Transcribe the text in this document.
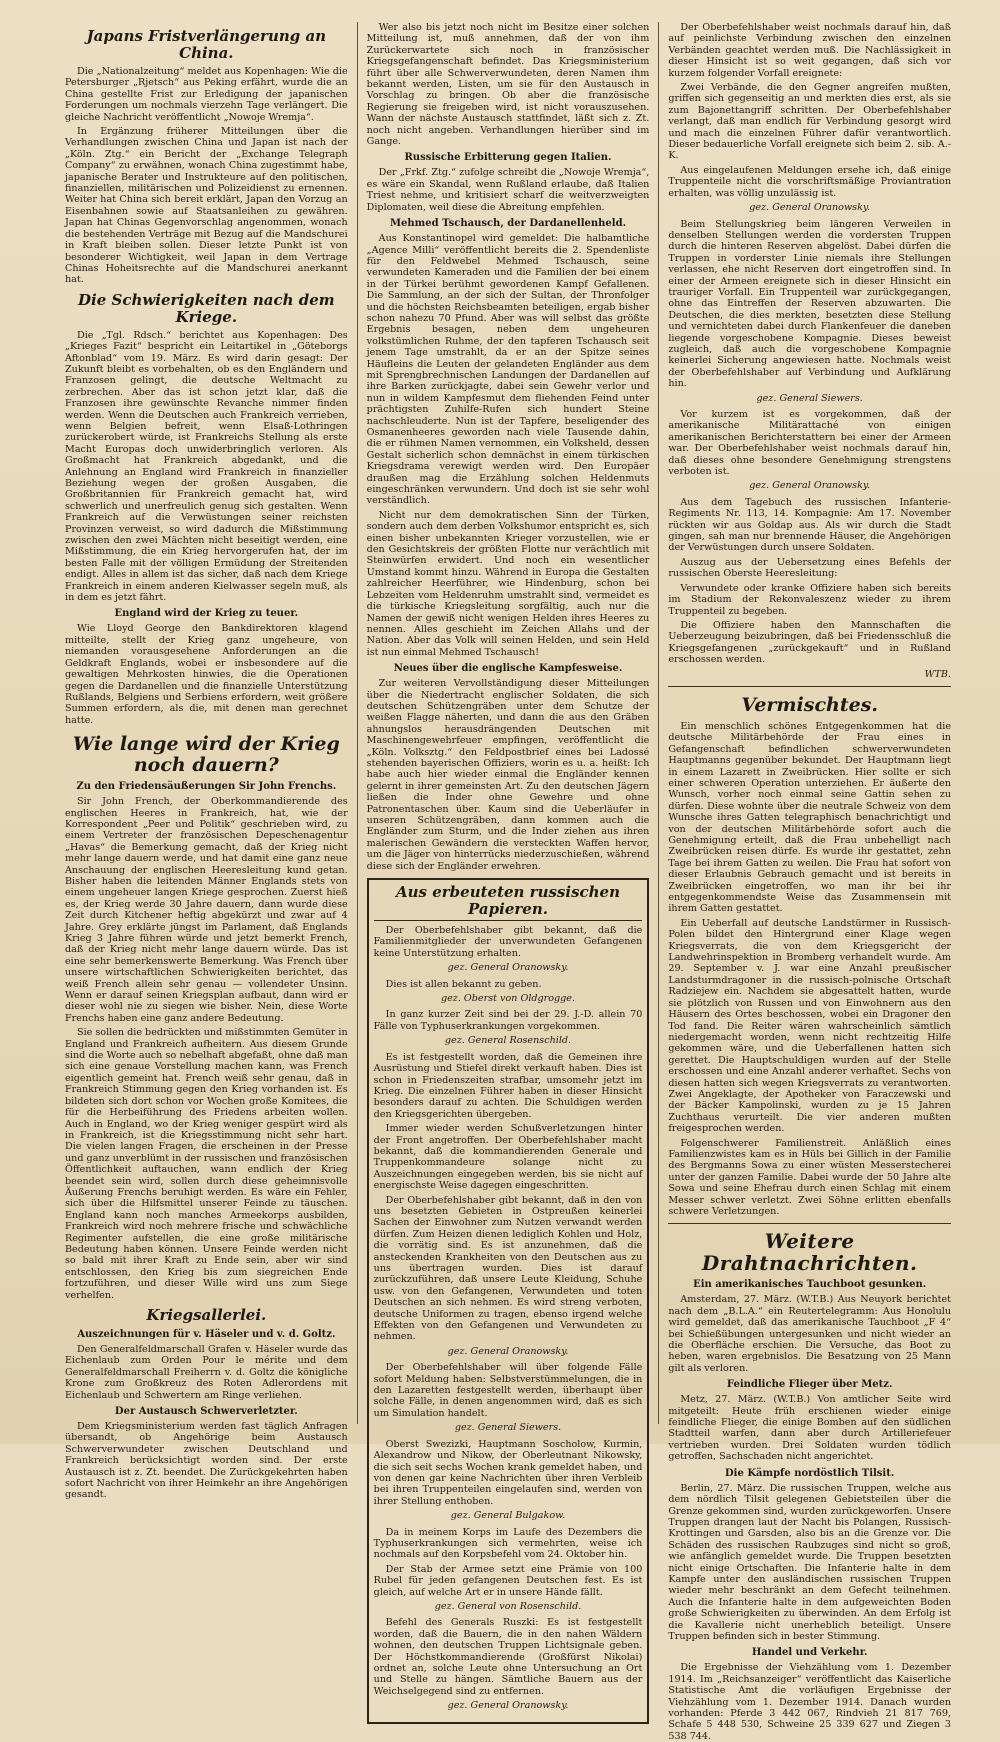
Japans Fristverlängerung an China.

Die „Nationalzeitung“ meldet aus Kopenhagen: Wie die Petersburger „Rjetsch“ aus Peking erfährt, wurde die an China gestellte Frist zur Erledigung der japanischen Forderungen um nochmals vierzehn Tage verlängert. Die gleiche Nachricht veröffentlicht „Nowoje Wremja“.

In Ergänzung früherer Mitteilungen über die Verhandlungen zwischen China und Japan ist nach der „Köln. Ztg.“ ein Bericht der „Exchange Telegraph Company“ zu erwähnen, wonach China zugestimmt habe, japanische Berater und Instrukteure auf den politischen, finanziellen, militärischen und Polizeidienst zu ernennen. Weiter hat China sich bereit erklärt, Japan den Vorzug an Eisenbahnen sowie auf Staatsanleihen zu gewähren. Japan hat Chinas Gegenvorschlag angenommen, wonach die bestehenden Verträge mit Bezug auf die Mandschurei in Kraft bleiben sollen. Dieser letzte Punkt ist von besonderer Wichtigkeit, weil Japan in dem Vertrage Chinas Hoheitsrechte auf die Mandschurei anerkannt hat.

Die Schwierigkeiten nach dem Kriege.

Die „Tgl. Rdsch.“ berichtet aus Kopenhagen: Des „Krieges Fazit“ bespricht ein Leitartikel in „Göteborgs Aftonblad“ vom 19. März. Es wird darin gesagt: Der Zukunft bleibt es vorbehalten, ob es den Engländern und Franzosen gelingt, die deutsche Weltmacht zu zerbrechen. Aber das ist schon jetzt klar, daß die Franzosen ihre gewünschte Revanche nimmer finden werden. Wenn die Deutschen auch Frankreich verrieben, wenn Belgien befreit, wenn Elsaß-Lothringen zurückerobert würde, ist Frankreichs Stellung als erste Macht Europas doch unwiderbringlich verloren. Als Großmacht hat Frankreich abgedankt, und die Anlehnung an England wird Frankreich in finanzieller Beziehung wegen der großen Ausgaben, die Großbritannien für Frankreich gemacht hat, wird schwerlich und unerfreulich genug sich gestalten. Wenn Frankreich auf die Verwüstungen seiner reichsten Provinzen verweist, so wird dadurch die Mißstimmung zwischen den zwei Mächten nicht beseitigt werden, eine Mißstimmung, die ein Krieg hervorgerufen hat, der im besten Falle mit der völligen Ermüdung der Streitenden endigt. Alles in allem ist das sicher, daß nach dem Kriege Frankreich in einem anderen Kielwasser segeln muß, als in dem es jetzt fährt.

England wird der Krieg zu teuer.

Wie Lloyd George den Bankdirektoren klagend mitteilte, stellt der Krieg ganz ungeheure, von niemanden vorausgesehene Anforderungen an die Geldkraft Englands, wobei er insbesondere auf die gewaltigen Mehrkosten hinwies, die die Operationen gegen die Dardanellen und die finanzielle Unterstützung Rußlands, Belgiens und Serbiens erfordern, weit größere Summen erfordern, als die, mit denen man gerechnet hatte.

Wie lange wird der Krieg noch dauern?
Zu den Friedensäußerungen Sir John Frenchs.

Sir John French, der Oberkommandierende des englischen Heeres in Frankreich, hat, wie der Korrespondent „Peer und Politik“ geschrieben wird, zu einem Vertreter der französischen Depeschenagentur „Havas“ die Bemerkung gemacht, daß der Krieg nicht mehr lange dauern werde, und hat damit eine ganz neue Anschauung der englischen Heeresleitung kund getan. Bisher haben die leitenden Männer Englands stets von einem ungeheuer langen Kriege gesprochen. Zuerst hieß es, der Krieg werde 30 Jahre dauern, dann wurde diese Zeit durch Kitchener heftig abgekürzt und zwar auf 4 Jahre. Grey erklärte jüngst im Parlament, daß Englands Krieg 3 Jahre führen würde und jetzt bemerkt French, daß der Krieg nicht mehr lange dauern würde. Das ist eine sehr bemerkenswerte Bemerkung. Was French über unsere wirtschaftlichen Schwierigkeiten berichtet, das weiß French allein sehr genau — vollendeter Unsinn. Wenn er darauf seinen Kriegsplan aufbaut, dann wird er dieser wohl nie zu siegen wie bisher. Nein, diese Worte Frenchs haben eine ganz andere Bedeutung.

Sie sollen die bedrückten und mißstimmten Gemüter in England und Frankreich aufheitern. Aus diesem Grunde sind die Worte auch so nebelhaft abgefaßt, ohne daß man sich eine genaue Vorstellung machen kann, was French eigentlich gemeint hat. French weiß sehr genau, daß in Frankreich Stimmung gegen den Krieg vorhanden ist. Es bildeten sich dort schon vor Wochen große Komitees, die für die Herbeiführung des Friedens arbeiten wollen. Auch in England, wo der Krieg weniger gespürt wird als in Frankreich, ist die Kriegsstimmung nicht sehr hart. Die vielen langen Fragen, die erscheinen in der Presse und ganz unverblümt in der russischen und französischen Öffentlichkeit auftauchen, wann endlich der Krieg beendet sein wird, sollen durch diese geheimnisvolle Äußerung Frenchs beruhigt werden. Es wäre ein Fehler, sich über die Hilfsmittel unserer Feinde zu täuschen. England kann noch manches Armeekorps ausbilden, Frankreich wird noch mehrere frische und schwächliche Regimenter aufstellen, die eine große militärische Bedeutung haben können. Unsere Feinde werden nicht so bald mit ihrer Kraft zu Ende sein, aber wir sind entschlossen, den Krieg bis zum siegreichen Ende fortzuführen, und dieser Wille wird uns zum Siege verhelfen.

Kriegsallerlei.
Auszeichnungen für v. Häseler und v. d. Goltz.

Den Generalfeldmarschall Grafen v. Häseler wurde das Eichenlaub zum Orden Pour le mérite und dem Generalfeldmarschall Freiherrn v. d. Goltz die königliche Krone zum Großkreuz des Roten Adlerordens mit Eichenlaub und Schwertern am Ringe verliehen.

Der Austausch Schwerverletzter.

Dem Kriegsministerium werden fast täglich Anfragen übersandt, ob Angehörige beim Austausch Schwerverwundeter zwischen Deutschland und Frankreich berücksichtigt worden sind. Der erste Austausch ist z. Zt. beendet. Die Zurückgekehrten haben sofort Nachricht von ihrer Heimkehr an ihre Angehörigen gesandt.

Wer also bis jetzt noch nicht im Besitze einer solchen Mitteilung ist, muß annehmen, daß der von ihm Zurückerwartete sich noch in französischer Kriegsgefangenschaft befindet. Das Kriegsministerium führt über alle Schwerverwundeten, deren Namen ihm bekannt werden, Listen, um sie für den Austausch in Vorschlag zu bringen. Ob aber die französische Regierung sie freigeben wird, ist nicht vorauszusehen. Wann der nächste Austausch stattfindet, läßt sich z. Zt. noch nicht angeben. Verhandlungen hierüber sind im Gange.

Russische Erbitterung gegen Italien.

Der „Frkf. Ztg.“ zufolge schreibt die „Nowoje Wremja“, es wäre ein Skandal, wenn Rußland erlaube, daß Italien Triest nehme, und kritisiert scharf die weitverzweigten Diplomaten, weil diese die Abreitung empfehlen.

Mehmed Tschausch, der Dardanellenheld.

Aus Konstantinopel wird gemeldet: Die halbamtliche „Agence Milli“ veröffentlicht bereits die 2. Spendenliste für den Feldwebel Mehmed Tschausch, seine verwundeten Kameraden und die Familien der bei einem in der Türkei berühmt gewordenen Kampf Gefallenen. Die Sammlung, an der sich der Sultan, der Thronfolger und die höchsten Reichsbeamten beteiligen, ergab bisher schon nahezu 70 Pfund. Aber was will selbst das größte Ergebnis besagen, neben dem ungeheuren volkstümlichen Ruhme, der den tapferen Tschausch seit jenem Tage umstrahlt, da er an der Spitze seines Häufleins die Leuten der gelandeten Engländer aus dem mit Sprengbrechnischen Landungen der Dardanellen auf ihre Barken zurückjagte, dabei sein Gewehr verlor und nun in wildem Kampfesmut dem fliehenden Feind unter prächtigsten Zuhilfe-Rufen sich hundert Steine nachschleuderte. Nun ist der Tapfere, beseligender des Osmanenheeres geworden nach viele Tausende dahin, die er rühmen Namen vernommen, ein Volksheld, dessen Gestalt sicherlich schon demnächst in einem türkischen Kriegsdrama verewigt werden wird. Den Europäer draußen mag die Erzählung solchen Heldenmuts eingeschränken verwundern. Und doch ist sie sehr wohl verständlich.

Nicht nur dem demokratischen Sinn der Türken, sondern auch dem derben Volkshumor entspricht es, sich einen bisher unbekannten Krieger vorzustellen, wie er den Gesichtskreis der größten Flotte nur verächtlich mit Steinwürfen erwidert. Und noch ein wesentlicher Umstand kommt hinzu. Während in Europa die Gestalten zahlreicher Heerführer, wie Hindenburg, schon bei Lebzeiten vom Heldenruhm umstrahlt sind, vermeidet es die türkische Kriegsleitung sorgfältig, auch nur die Namen der gewiß nicht wenigen Helden ihres Heeres zu nennen. Alles geschieht im Zeichen Allahs und der Nation. Aber das Volk will seinen Helden, und sein Held ist nun einmal Mehmed Tschausch!

Neues über die englische Kampfesweise.

Zur weiteren Vervollständigung dieser Mitteilungen über die Niedertracht englischer Soldaten, die sich deutschen Schützengräben unter dem Schutze der weißen Flagge näherten, und dann die aus den Gräben ahnungslos herausdrängenden Deutschen mit Maschinengewehrfeuer empfingen, veröffentlicht die „Köln. Volksztg.“ den Feldpostbrief eines bei Ladossé stehenden bayerischen Offiziers, worin es u. a. heißt: Ich habe auch hier wieder einmal die Engländer kennen gelernt in ihrer gemeinsten Art. Zu den deutschen Jägern ließen die Inder ohne Gewehre und ohne Patronentaschen über. Kaum sind die Ueberläufer in unseren Schützengräben, dann kommen auch die Engländer zum Sturm, und die Inder ziehen aus ihren malerischen Gewändern die versteckten Waffen hervor, um die Jäger von hinterrücks niederzuschießen, während diese sich der Engländer erwehren.

Aus erbeuteten russischen Papieren.

Der Oberbefehlshaber gibt bekannt, daß die Familienmitglieder der unverwundeten Gefangenen keine Unterstützung erhalten.

gez. General Oranowsky.

Dies ist allen bekannt zu geben.

gez. Oberst von Oldgrogge.

In ganz kurzer Zeit sind bei der 29. J.-D. allein 70 Fälle von Typhuserkrankungen vorgekommen.

gez. General Rosenschild.

Es ist festgestellt worden, daß die Gemeinen ihre Ausrüstung und Stiefel direkt verkauft haben. Dies ist schon in Friedenszeiten strafbar, umsomehr jetzt im Krieg. Die einzelnen Führer haben in dieser Hinsicht besonders darauf zu achten. Die Schuldigen werden den Kriegsgerichten übergeben.

Immer wieder werden Schußverletzungen hinter der Front angetroffen. Der Oberbefehlshaber macht bekannt, daß die kommandierenden Generale und Truppenkommandeure solange nicht zu Auszeichnungen eingegeben werden, bis sie nicht auf energischste Weise dagegen eingeschritten.

Der Oberbefehlshaber gibt bekannt, daß in den von uns besetzten Gebieten in Ostpreußen keinerlei Sachen der Einwohner zum Nutzen verwandt werden dürfen. Zum Heizen dienen lediglich Kohlen und Holz, die vorrätig sind. Es ist anzunehmen, daß die ansteckenden Krankheiten von den Deutschen aus zu uns übertragen wurden. Dies ist darauf zurückzuführen, daß unsere Leute Kleidung, Schuhe usw. von den Gefangenen, Verwundeten und toten Deutschen an sich nehmen. Es wird streng verboten, deutsche Uniformen zu tragen, ebenso irgend welche Effekten von den Gefangenen und Verwundeten zu nehmen.

gez. General Oranowsky.

Der Oberbefehlshaber will über folgende Fälle sofort Meldung haben: Selbstverstümmelungen, die in den Lazaretten festgestellt werden, überhaupt über solche Fälle, in denen angenommen wird, daß es sich um Simulation handelt.

gez. General Siewers.

Oberst Swezizki, Hauptmann Soscholow, Kurmin, Alexandrow und Nikow, der Oberleutnant Nikowsky, die sich seit sechs Wochen krank gemeldet haben, und von denen gar keine Nachrichten über ihren Verbleib bei ihren Truppenteilen eingelaufen sind, werden von ihrer Stellung enthoben.

gez. General Bulgakow.

Da in meinem Korps im Laufe des Dezembers die Typhuserkrankungen sich vermehrten, weise ich nochmals auf den Korpsbefehl vom 24. Oktober hin.

Der Stab der Armee setzt eine Prämie von 100 Rubel für jeden gefangenen Deutschen fest. Es ist gleich, auf welche Art er in unsere Hände fällt.

gez. General von Rosenschild.

Befehl des Generals Ruszki: Es ist festgestellt worden, daß die Bauern, die in den nahen Wäldern wohnen, den deutschen Truppen Lichtsignale geben. Der Höchstkommandierende (Großfürst Nikolai) ordnet an, solche Leute ohne Untersuchung an Ort und Stelle zu hängen. Sämtliche Bauern aus der Weichselgegend sind zu entfernen.

gez. General Oranowsky.

Der Oberbefehlshaber weist nochmals darauf hin, daß auf peinlichste Verbindung zwischen den einzelnen Verbänden geachtet werden muß. Die Nachlässigkeit in dieser Hinsicht ist so weit gegangen, daß sich vor kurzem folgender Vorfall ereignete:

Zwei Verbände, die den Gegner angreifen mußten, griffen sich gegenseitig an und merkten dies erst, als sie zum Bajonettangriff schritten. Der Oberbefehlshaber verlangt, daß man endlich für Verbindung gesorgt wird und mach die einzelnen Führer dafür verantwortlich. Dieser bedauerliche Vorfall ereignete sich beim 2. sib. A.-K.

Aus eingelaufenen Meldungen ersehe ich, daß einige Truppenteile nicht die vorschriftsmäßige Proviantration erhalten, was völlig unzulässig ist.

gez. General Oranowsky.

Beim Stellungskrieg beim längeren Verweilen in denselben Stellungen werden die vordersten Truppen durch die hinteren Reserven abgelöst. Dabei dürfen die Truppen in vorderster Linie niemals ihre Stellungen verlassen, ehe nicht Reserven dort eingetroffen sind. In einer der Armeen ereignete sich in dieser Hinsicht ein trauriger Vorfall. Ein Truppenteil war zurückgegangen, ohne das Eintreffen der Reserven abzuwarten. Die Deutschen, die dies merkten, besetzten diese Stellung und vernichteten dabei durch Flankenfeuer die daneben liegende vorgeschobene Kompagnie. Dieses beweist zugleich, daß auch die vorgeschobene Kompagnie keinerlei Sicherung angewiesen hatte. Nochmals weist der Oberbefehlshaber auf Verbindung und Aufklärung hin.

gez. General Siewers.

Vor kurzem ist es vorgekommen, daß der amerikanische Militärattaché von einigen amerikanischen Berichterstattern bei einer der Armeen war. Der Oberbefehlshaber weist nochmals darauf hin, daß dieses ohne besondere Genehmigung strengstens verboten ist.

gez. General Oranowsky.

Aus dem Tagebuch des russischen Infanterie-Regiments Nr. 113, 14. Kompagnie: Am 17. November rückten wir aus Goldap aus. Als wir durch die Stadt gingen, sah man nur brennende Häuser, die Angehörigen der Verwüstungen durch unsere Soldaten.

Auszug aus der Uebersetzung eines Befehls der russischen Oberste Heeresleitung:

Verwundete oder kranke Offiziere haben sich bereits im Stadium der Rekonvaleszenz wieder zu ihrem Truppenteil zu begeben.

Die Offiziere haben den Mannschaften die Ueberzeugung beizubringen, daß bei Friedensschluß die Kriegsgefangenen „zurückgekauft“ und in Rußland erschossen werden.

WTB.
Vermischtes.

Ein menschlich schönes Entgegenkommen hat die deutsche Militärbehörde der Frau eines in Gefangenschaft befindlichen schwerverwundeten Hauptmanns gegenüber bekundet. Der Hauptmann liegt in einem Lazarett in Zweibrücken. Hier sollte er sich einer schweren Operation unterziehen. Er äußerte den Wunsch, vorher noch einmal seine Gattin sehen zu dürfen. Diese wohnte über die neutrale Schweiz von dem Wunsche ihres Gatten telegraphisch benachrichtigt und von der deutschen Militärbehörde sofort auch die Genehmigung erteilt, daß die Frau unbehelligt nach Zweibrücken reisen dürfe. Es wurde ihr gestattet, zehn Tage bei ihrem Gatten zu weilen. Die Frau hat sofort von dieser Erlaubnis Gebrauch gemacht und ist bereits in Zweibrücken eingetroffen, wo man ihr bei ihr entgegenkommendste Weise das Zusammensein mit ihrem Gatten gestattet.

Ein Ueberfall auf deutsche Landstürmer in Russisch-Polen bildet den Hintergrund einer Klage wegen Kriegsverrats, die von dem Kriegsgericht der Landwehrinspektion in Bromberg verhandelt wurde. Am 29. September v. J. war eine Anzahl preußischer Landsturmdragoner in die russisch-polnische Ortschaft Radziejew ein. Nachdem sie abgesattelt hatten, wurde sie plötzlich von Russen und von Einwohnern aus den Häusern des Ortes beschossen, wobei ein Dragoner den Tod fand. Die Reiter wären wahrscheinlich sämtlich niedergemacht worden, wenn nicht rechtzeitig Hilfe gekommen wäre, und die Ueberfallenen hatten sich gerettet. Die Hauptschuldigen wurden auf der Stelle erschossen und eine Anzahl anderer verhaftet. Sechs von diesen hatten sich wegen Kriegsverrats zu verantworten. Zwei Angeklagte, der Apotheker von Faraczewski und der Bäcker Kampolinski, wurden zu je 15 Jahren Zuchthaus verurteilt. Die vier anderen mußten freigesprochen werden.

Folgenschwerer Familienstreit. Anläßlich eines Familienzwistes kam es in Hüls bei Gillich in der Familie des Bergmanns Sowa zu einer wüsten Messerstecherei unter der ganzen Familie. Dabei wurde der 50 Jahre alte Sowa und seine Ehefrau durch einen Schlag mit einem Messer schwer verletzt. Zwei Söhne erlitten ebenfalls schwere Verletzungen.

Weitere Drahtnachrichten.
Ein amerikanisches Tauchboot gesunken.

Amsterdam, 27. März. (W.T.B.) Aus Neuyork berichtet nach dem „B.L.A.“ ein Reutertelegramm: Aus Honolulu wird gemeldet, daß das amerikanische Tauchboot „F 4“ bei Schießübungen untergesunken und nicht wieder an die Oberfläche erschien. Die Versuche, das Boot zu heben, waren ergebnislos. Die Besatzung von 25 Mann gilt als verloren.

Feindliche Flieger über Metz.

Metz, 27. März. (W.T.B.) Von amtlicher Seite wird mitgeteilt: Heute früh erschienen wieder einige feindliche Flieger, die einige Bomben auf den südlichen Stadtteil warfen, dann aber durch Artilleriefeuer vertrieben wurden. Drei Soldaten wurden tödlich getroffen, Sachschaden nicht angerichtet.

Die Kämpfe nordöstlich Tilsit.

Berlin, 27. März. Die russischen Truppen, welche aus dem nördlich Tilsit gelegenen Gebietsteilen über die Grenze gekommen sind, wurden zurückgeworfen. Unsere Truppen drangen laut der Nacht bis Polangen, Russisch-Krottingen und Garsden, also bis an die Grenze vor. Die Schäden des russischen Raubzuges sind nicht so groß, wie anfänglich gemeldet wurde. Die Truppen besetzten nicht einige Ortschaften. Die Infanterie halte in dem Kampfe unter den ausländischen russischen Truppen wieder mehr beschränkt an dem Gefecht teilnehmen. Auch die Infanterie halte in dem aufgeweichten Boden große Schwierigkeiten zu überwinden. An dem Erfolg ist die Kavallerie nicht unerheblich beteiligt. Unsere Truppen befinden sich in bester Stimmung.

Handel und Verkehr.

Die Ergebnisse der Viehzählung vom 1. Dezember 1914. Im „Reichsanzeiger“ veröffentlicht das Kaiserliche Statistische Amt die vorläufigen Ergebnisse der Viehzählung vom 1. Dezember 1914. Danach wurden vorhanden: Pferde 3 442 067, Rindvieh 21 817 769, Schafe 5 448 530, Schweine 25 339 627 und Ziegen 3 538 744.
